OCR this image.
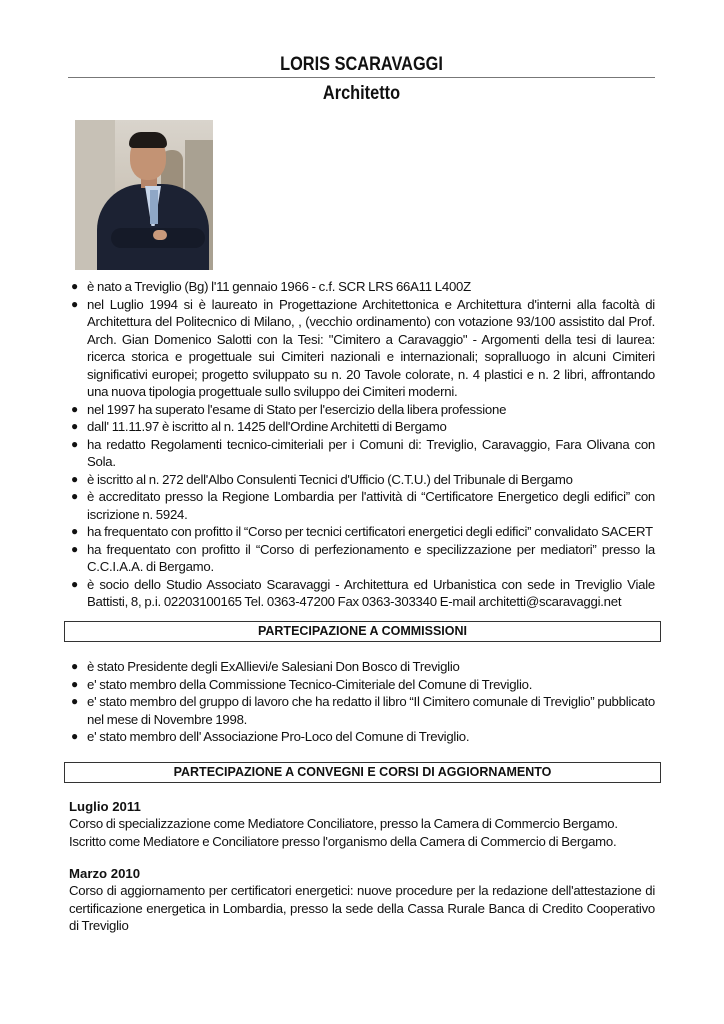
LORIS SCARAVAGGI
Architetto
● è nato a Treviglio (Bg) l'11 gennaio 1966 - c.f. SCR LRS 66A11 L400Z
● nel Luglio 1994 si è laureato in Progettazione Architettonica e Architettura d'interni alla facoltà di Architettura del Politecnico di Milano, , (vecchio ordinamento) con votazione 93/100 assistito dal Prof. Arch. Gian Domenico Salotti con la Tesi: "Cimitero a Caravaggio" - Argomenti della tesi di laurea: ricerca storica e progettuale sui Cimiteri nazionali e internazionali; sopralluogo in alcuni Cimiteri significativi europei; progetto sviluppato su n. 20 Tavole colorate, n. 4 plastici e n. 2 libri, affrontando una nuova tipologia progettuale sullo sviluppo dei Cimiteri moderni.
● nel 1997 ha superato l'esame di Stato per l'esercizio della libera professione
● dall' 11.11.97 è iscritto al n. 1425 dell'Ordine Architetti di Bergamo
● ha redatto Regolamenti tecnico-cimiteriali per i Comuni di: Treviglio, Caravaggio, Fara Olivana con Sola.
● è iscritto al n. 272 dell'Albo Consulenti Tecnici d'Ufficio (C.T.U.) del Tribunale di Bergamo
● è accreditato presso la Regione Lombardia per l'attività di “Certificatore Energetico degli edifici” con iscrizione n. 5924.
● ha frequentato con profitto il “Corso per tecnici certificatori energetici degli edifici” convalidato SACERT
● ha frequentato con profitto il “Corso di perfezionamento e specilizzazione per mediatori” presso la C.C.I.A.A. di Bergamo.
● è socio dello Studio Associato Scaravaggi - Architettura ed Urbanistica con sede in Treviglio Viale Battisti, 8, p.i. 02203100165 Tel. 0363-47200 Fax 0363-303340 E-mail architetti@scaravaggi.net
PARTECIPAZIONE A COMMISSIONI
● è stato Presidente degli ExAllievi/e Salesiani Don Bosco di Treviglio
● e' stato membro della Commissione Tecnico-Cimiteriale del Comune di Treviglio.
● e' stato membro del gruppo di lavoro che ha redatto il libro “Il Cimitero comunale di Treviglio” pubblicato nel mese di Novembre 1998.
● e' stato membro dell' Associazione Pro-Loco del Comune di Treviglio.
PARTECIPAZIONE A CONVEGNI E CORSI DI AGGIORNAMENTO
Luglio 2011
Corso di specializzazione come Mediatore Conciliatore, presso la Camera di Commercio Bergamo.
Iscritto come Mediatore e Conciliatore presso l'organismo della Camera di Commercio di Bergamo.
Marzo 2010
Corso di aggiornamento per certificatori energetici: nuove procedure per la redazione dell'attestazione di certificazione energetica in Lombardia, presso la sede della Cassa Rurale Banca di Credito Cooperativo di Treviglio
